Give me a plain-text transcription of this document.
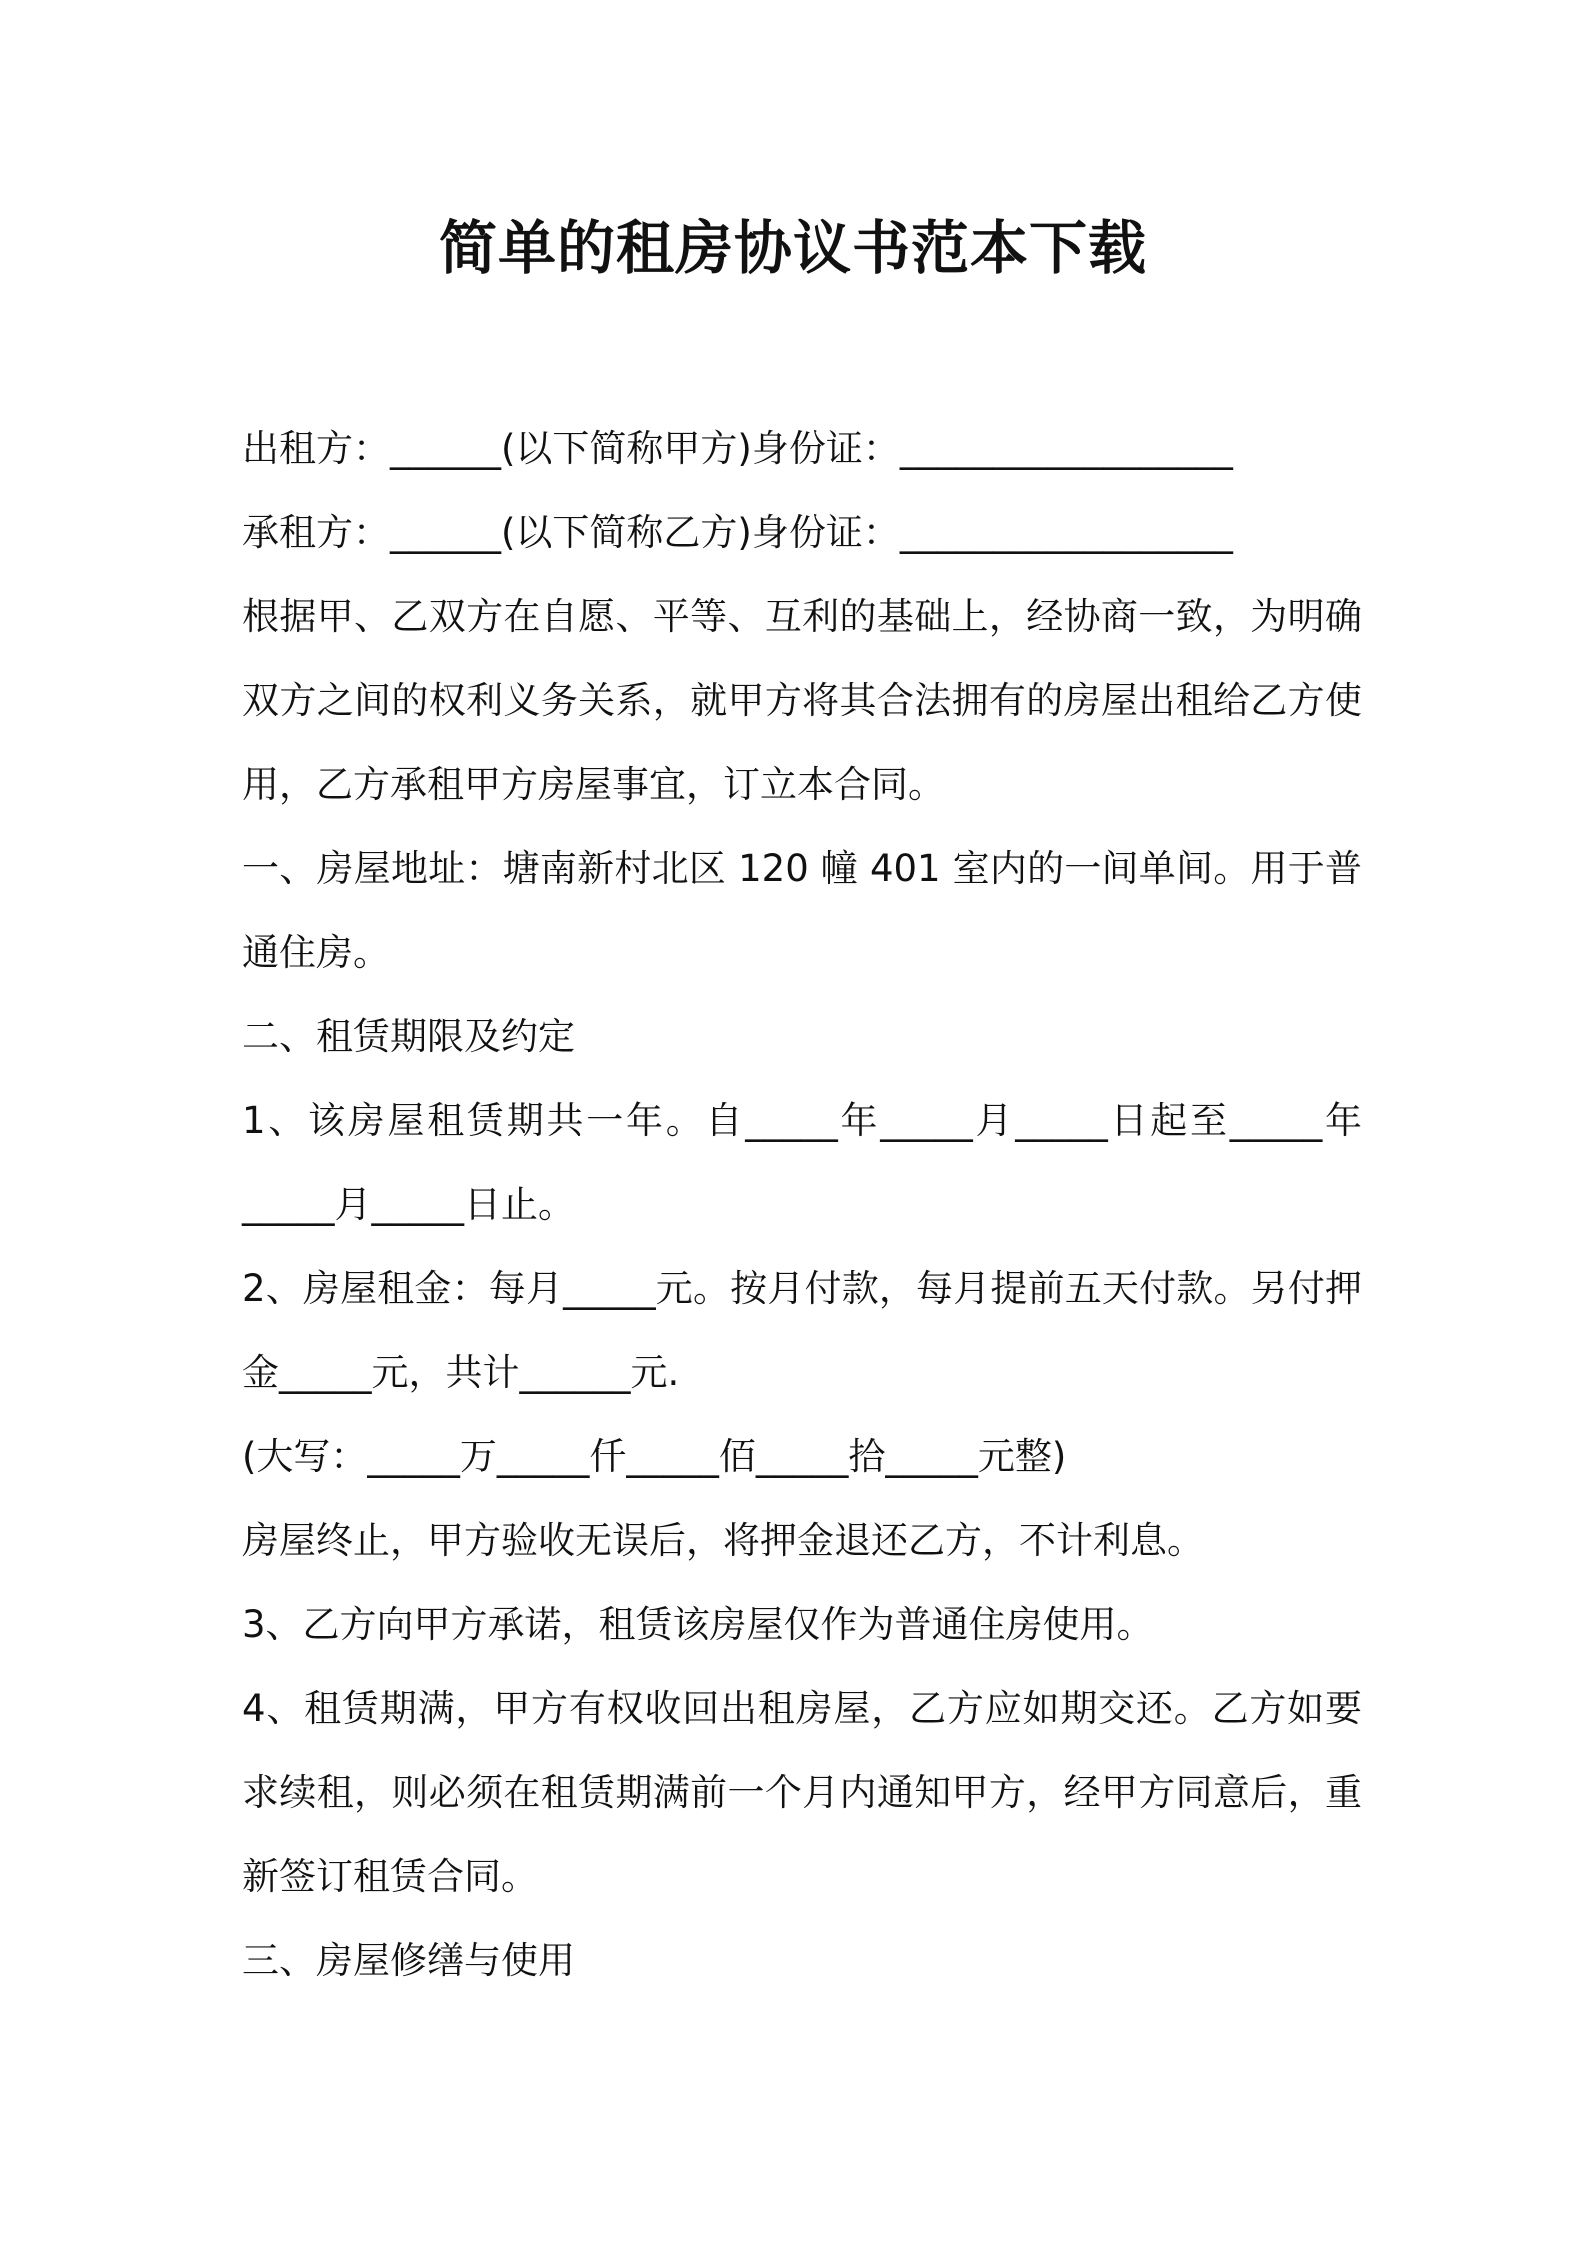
简单的租房协议书范本下载
出租方：______(以下简称甲方)身份证：__________________
承租方：______(以下简称乙方)身份证：__________________
根据甲、乙双方在自愿、平等、互利的基础上，经协商一致，为明确双方之间的权利义务关系，就甲方将其合法拥有的房屋出租给乙方使用，乙方承租甲方房屋事宜，订立本合同。
一、房屋地址：塘南新村北区 120 幢 401 室内的一间单间。用于普通住房。
二、租赁期限及约定
1、该房屋租赁期共一年。自_____年_____月_____日起至_____年_____月_____日止。
2、房屋租金：每月_____元。按月付款，每月提前五天付款。另付押金_____元，共计______元.
(大写：_____万_____仟_____佰_____拾_____元整)
房屋终止，甲方验收无误后，将押金退还乙方，不计利息。
3、乙方向甲方承诺，租赁该房屋仅作为普通住房使用。
4、租赁期满，甲方有权收回出租房屋，乙方应如期交还。乙方如要求续租，则必须在租赁期满前一个月内通知甲方，经甲方同意后，重新签订租赁合同。
三、房屋修缮与使用
